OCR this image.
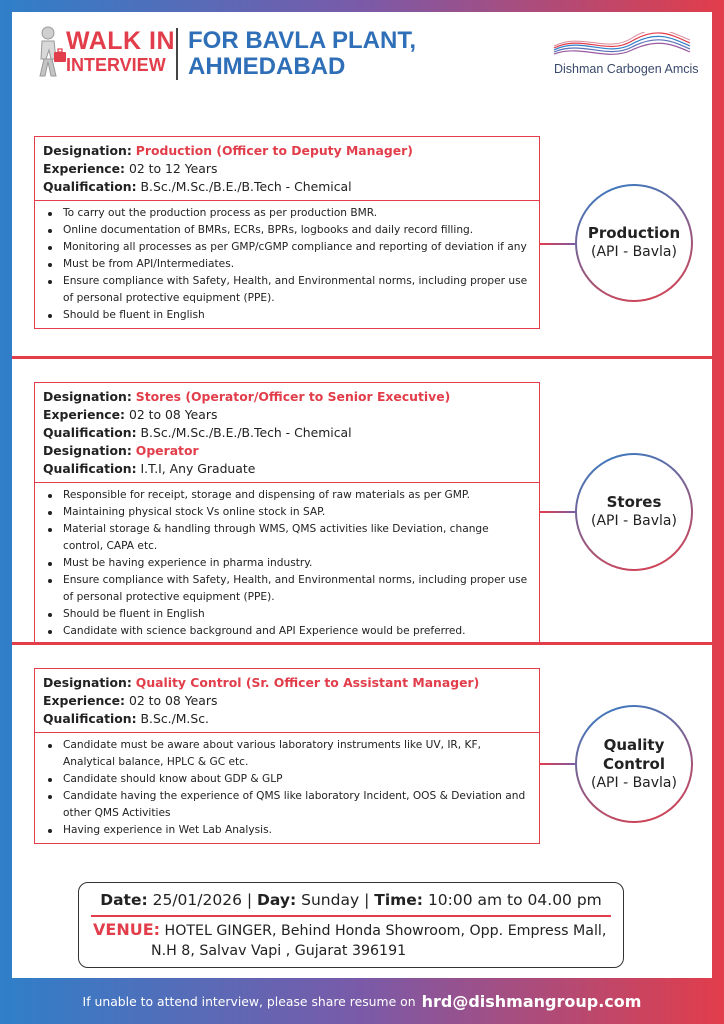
WALK IN
INTERVIEW
FOR BAVLA PLANT,
AHMEDABAD	Dishman Carbogen Amcis
Designation: Production (Officer to Deputy Manager)
Experience: 02 to 12 Years
Qualification: B.Sc./M.Sc./B.E./B.Tech - Chemical
To carry out the production process as per production BMR.
Online documentation of BMRs, ECRs, BPRs, logbooks and daily record filling.
Monitoring all processes as per GMP/cGMP compliance and reporting of deviation if any
Must be from API/Intermediates.
Ensure compliance with Safety, Health, and Environmental norms, including proper use of personal protective equipment (PPE).
Should be fluent in English
Production
(API - Bavla)
Designation: Stores (Operator/Officer to Senior Executive)
Experience: 02 to 08 Years
Qualification: B.Sc./M.Sc./B.E./B.Tech - Chemical
Designation: Operator
Qualification: I.T.I, Any Graduate
Responsible for receipt, storage and dispensing of raw materials as per GMP.
Maintaining physical stock Vs online stock in SAP.
Material storage & handling through WMS, QMS activities like Deviation, change control, CAPA etc.
Must be having experience in pharma industry.
Ensure compliance with Safety, Health, and Environmental norms, including proper use of personal protective equipment (PPE).
Should be fluent in English
Candidate with science background and API Experience would be preferred.
Stores
(API - Bavla)
Designation: Quality Control (Sr. Officer to Assistant Manager)
Experience: 02 to 08 Years
Qualification: B.Sc./M.Sc.
Candidate must be aware about various laboratory instruments like UV, IR, KF, Analytical balance, HPLC & GC etc.
Candidate should know about GDP & GLP
Candidate having the experience of QMS like laboratory Incident, OOS & Deviation and other QMS Activities
Having experience in Wet Lab Analysis.
Quality
Control
(API - Bavla)
Date: 25/01/2026 | Day: Sunday | Time: 10:00 am to 04.00 pm
VENUE: HOTEL GINGER, Behind Honda Showroom, Opp. Empress Mall,
N.H 8, Salvav Vapi , Gujarat 396191
If unable to attend interview, please share resume on hrd@dishmangroup.com
